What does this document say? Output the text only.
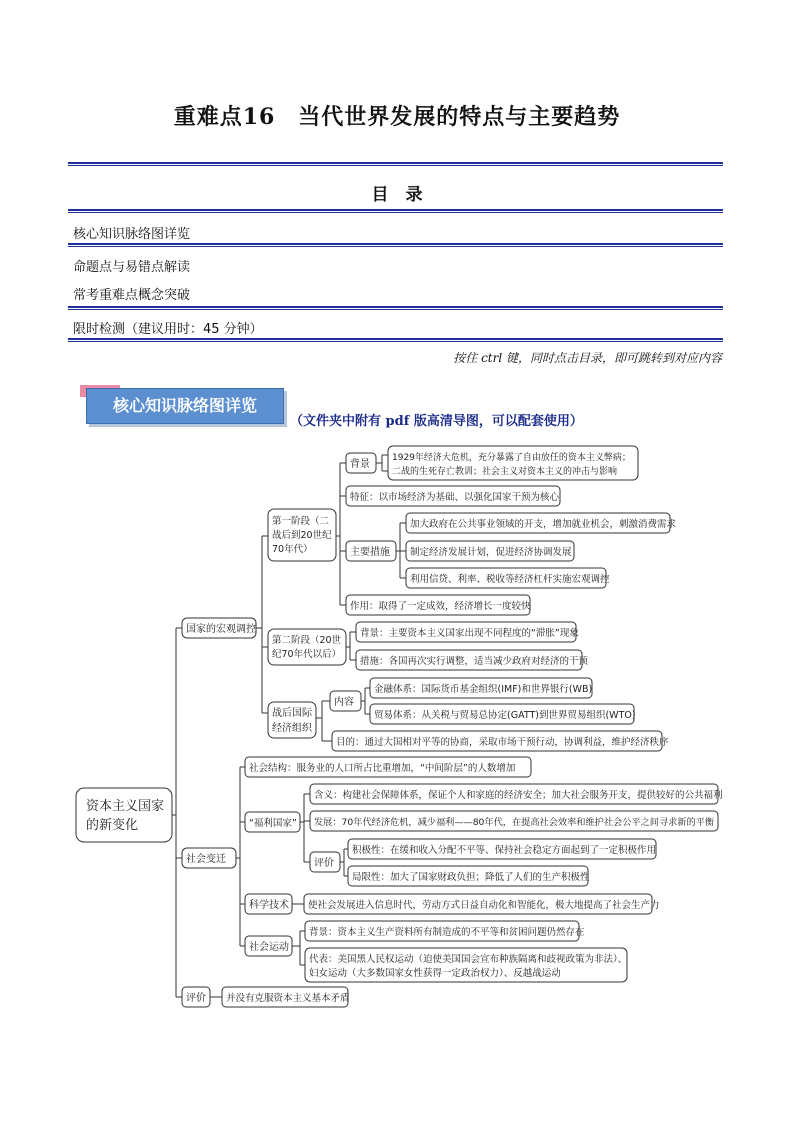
重难点16　当代世界发展的特点与主要趋势
目　录
核心知识脉络图详览
命题点与易错点解读
常考重难点概念突破
限时检测（建议用时：45 分钟）
按住 ctrl 键，同时点击目录，即可跳转到对应内容
核心知识脉络图详览
（文件夹中附有 pdf 版高清导图，可以配套使用）
资本主义国家
的新变化
国家的宏观调控
第一阶段（二
战后到20世纪
70年代）
背景
1929年经济大危机，充分暴露了自由放任的资本主义弊病；
二战的生死存亡教训；社会主义对资本主义的冲击与影响
特征：以市场经济为基础、以强化国家干预为核心
主要措施
加大政府在公共事业领域的开支，增加就业机会，刺激消费需求
制定经济发展计划，促进经济协调发展
利用信贷、利率、税收等经济杠杆实施宏观调控
作用：取得了一定成效，经济增长一度较快
第二阶段（20世
纪70年代以后）
背景：主要资本主义国家出现不同程度的“滞胀”现象
措施：各国再次实行调整，适当减少政府对经济的干预
战后国际
经济组织
内容
金融体系：国际货币基金组织(IMF)和世界银行(WB)
贸易体系：从关税与贸易总协定(GATT)到世界贸易组织(WTO)
目的：通过大国相对平等的协商，采取市场干预行动，协调利益，维护经济秩序
社会变迁
社会结构：服务业的人口所占比重增加，“中间阶层”的人数增加
“福利国家”
含义：构建社会保障体系，保证个人和家庭的经济安全；加大社会服务开支，提供较好的公共福利
发展：70年代经济危机，减少福利——80年代，在提高社会效率和维护社会公平之间寻求新的平衡
评价
积极性：在缓和收入分配不平等、保持社会稳定方面起到了一定积极作用
局限性：加大了国家财政负担；降低了人们的生产积极性
科学技术 使社会发展进入信息时代，劳动方式日益自动化和智能化，极大地提高了社会生产力
社会运动
背景：资本主义生产资料所有制造成的不平等和贫困问题仍然存在
代表：美国黑人民权运动（迫使美国国会宣布种族隔离和歧视政策为非法）、
妇女运动（大多数国家女性获得一定政治权力）、反越战运动
评价 并没有克服资本主义基本矛盾
